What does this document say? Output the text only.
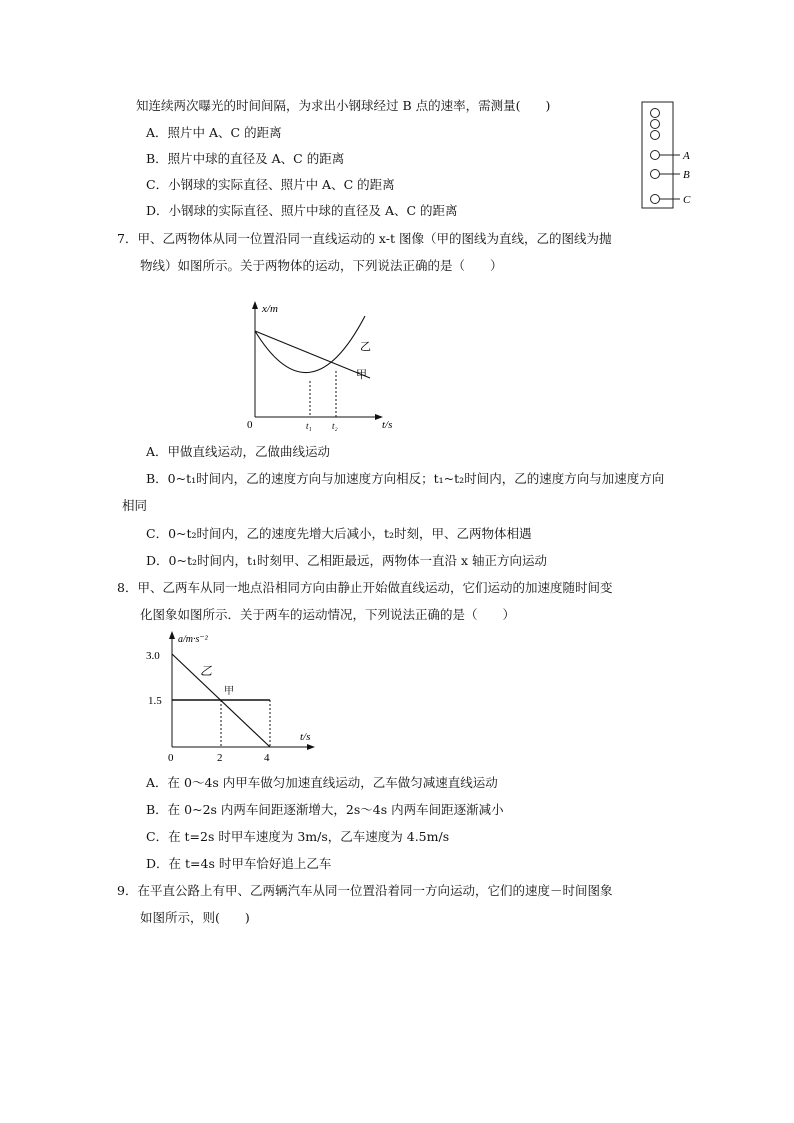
知连续两次曝光的时间间隔，为求出小钢球经过 B 点的速率，需测量(　　)
A．照片中 A、C 的距离
B．照片中球的直径及 A、C 的距离
C．小钢球的实际直径、照片中 A、C 的距离
D．小钢球的实际直径、照片中球的直径及 A、C 的距离
A
B
C
7．甲、乙两物体从同一位置沿同一直线运动的 x-t 图像（甲的图线为直线，乙的图线为抛
物线）如图所示。关于两物体的运动，下列说法正确的是（　　）
x/m
t/s
0	t₁ t₂
乙
甲
A．甲做直线运动，乙做曲线运动
B．0~t₁时间内，乙的速度方向与加速度方向相反；t₁~t₂时间内，乙的速度方向与加速度方向
相同
C．0~t₂时间内，乙的速度先增大后减小，t₂时刻，甲、乙两物体相遇
D．0~t₂时间内，t₁时刻甲、乙相距最远，两物体一直沿 x 轴正方向运动
8．甲、乙两车从同一地点沿相同方向由静止开始做直线运动，它们运动的加速度随时间变
化图象如图所示．关于两车的运动情况，下列说法正确的是（　　）
a/m·s⁻²
t/s
3.0
1.5
0	2	4
乙
甲
A．在 0～4s 内甲车做匀加速直线运动，乙车做匀减速直线运动
B．在 0~2s 内两车间距逐渐增大，2s～4s 内两车间距逐渐减小
C．在 t=2s 时甲车速度为 3m/s，乙车速度为 4.5m/s
D．在 t=4s 时甲车恰好追上乙车
9．在平直公路上有甲、乙两辆汽车从同一位置沿着同一方向运动，它们的速度－时间图象
如图所示，则(　　)
